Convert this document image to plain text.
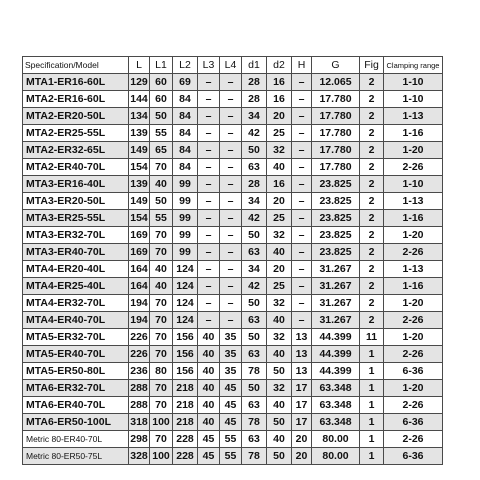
Specification/Model	L	L1	L2	L3	L4	d1	d2	H	G	Fig	Clamping range
MTA1-ER16-60L	129	60	69	–	–	28	16	–	12.065	2	1-10
MTA2-ER16-60L	144	60	84	–	–	28	16	–	17.780	2	1-10
MTA2-ER20-50L	134	50	84	–	–	34	20	–	17.780	2	1-13
MTA2-ER25-55L	139	55	84	–	–	42	25	–	17.780	2	1-16
MTA2-ER32-65L	149	65	84	–	–	50	32	–	17.780	2	1-20
MTA2-ER40-70L	154	70	84	–	–	63	40	–	17.780	2	2-26
MTA3-ER16-40L	139	40	99	–	–	28	16	–	23.825	2	1-10
MTA3-ER20-50L	149	50	99	–	–	34	20	–	23.825	2	1-13
MTA3-ER25-55L	154	55	99	–	–	42	25	–	23.825	2	1-16
MTA3-ER32-70L	169	70	99	–	–	50	32	–	23.825	2	1-20
MTA3-ER40-70L	169	70	99	–	–	63	40	–	23.825	2	2-26
MTA4-ER20-40L	164	40	124	–	–	34	20	–	31.267	2	1-13
MTA4-ER25-40L	164	40	124	–	–	42	25	–	31.267	2	1-16
MTA4-ER32-70L	194	70	124	–	–	50	32	–	31.267	2	1-20
MTA4-ER40-70L	194	70	124	–	–	63	40	–	31.267	2	2-26
MTA5-ER32-70L	226	70	156	40	35	50	32	13	44.399	11	1-20
MTA5-ER40-70L	226	70	156	40	35	63	40	13	44.399	1	2-26
MTA5-ER50-80L	236	80	156	40	35	78	50	13	44.399	1	6-36
MTA6-ER32-70L	288	70	218	40	45	50	32	17	63.348	1	1-20
MTA6-ER40-70L	288	70	218	40	45	63	40	17	63.348	1	2-26
MTA6-ER50-100L	318	100	218	40	45	78	50	17	63.348	1	6-36
Metric 80-ER40-70L	298	70	228	45	55	63	40	20	80.00	1	2-26
Metric 80-ER50-75L	328	100	228	45	55	78	50	20	80.00	1	6-36
